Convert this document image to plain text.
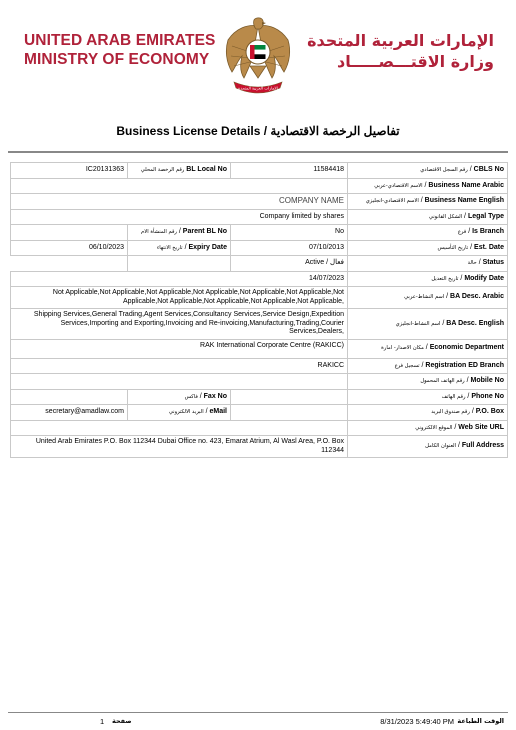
UNITED ARAB EMIRATES
MINISTRY OF ECONOMY
الإمارات العربية المتحدة
الإمارات العربية المتحدة
وزارة الاقتـــصـــــاد
Business License Details / تفاصيل الرخصة الاقتصادية
IC20131363	رقم الرخصة المحلي BL Local No	11584418	رقم السجل الاقتصادي / CBLS No
			الاسم الاقتصادي-عربي / Business Name Arabic
COMPANY NAME			الاسم الاقتصادي-انجليزي / Business Name English
Company limited by shares			الشكل القانوني / Legal Type
	رقم المنشأة الام / Parent BL No	No	فرع / Is Branch
06/10/2023	تاريخ الانتهاء / Expiry Date	07/10/2013	تاريخ التأسيس / Est. Date
		Active / فعال	حالة / Status
14/07/2023			تاريخ التعديل / Modify Date
Not Applicable,Not Applicable,Not Applicable,Not Applicable,Not Applicable,Not Applicable,Not Applicable,Not Applicable,Not Applicable,Not Applicable,Not Applicable,			اسم النشاط-عربي / BA Desc. Arabic
Shipping Services,General Trading,Agent Services,Consultancy Services,Service Design,Expedition Services,Importing and Exporting,Invoicing and Re-invoicing,Manufacturing,Trading,Courier Services,Dealers,			اسم النشاط-انجليزي / BA Desc. English
RAK International Corporate Centre (RAKICC)			مكان الاصدار- امارة / Economic Department
RAKICC			تسجيل فرع / Registration ED Branch
			رقم الهاتف المحمول / Mobile No
	فاكس / Fax No		رقم الهاتف / Phone No
secretary@amadlaw.com	البريد الالكتروني / eMail		رقم صندوق البريد / P.O. Box
			الموقع الالكتروني / Web Site URL
United Arab Emirates P.O. Box 112344 Dubai Office no. 423, Emarat Atrium, Al Wasl Area, P.O. Box 112344			العنوان الكامل / Full Address
1 صفحة	8/31/2023 5:49:40 PM الوقت الطباعة
